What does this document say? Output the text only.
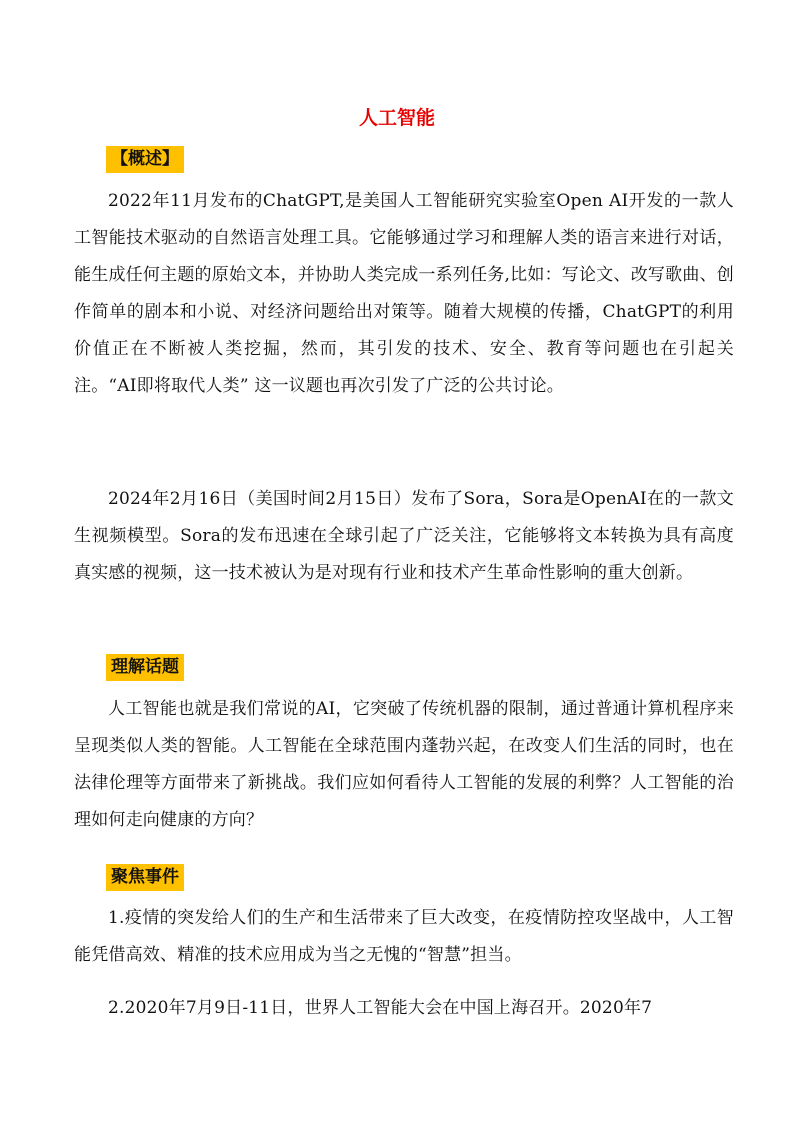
人工智能
【概述】

2022年11月发布的ChatGPT,是美国人工智能研究实验室Open AI开发的一款人工智能技术驱动的自然语言处理工具。它能够通过学习和理解人类的语言来进行对话，能生成任何主题的原始文本，并协助人类完成一系列任务,比如：写论文、改写歌曲、创作简单的剧本和小说、对经济问题给出对策等。随着大规模的传播，ChatGPT的利用价值正在不断被人类挖掘，然而，其引发的技术、安全、教育等问题也在引起关注。“AI即将取代人类” 这一议题也再次引发了广泛的公共讨论。

2024年2月16日（美国时间2月15日）发布了Sora，Sora是OpenAI在的一款文生视频模型。Sora的发布迅速在全球引起了广泛关注，它能够将文本转换为具有高度真实感的视频，这一技术被认为是对现有行业和技术产生革命性影响的重大创新。

理解话题

人工智能也就是我们常说的AI，它突破了传统机器的限制，通过普通计算机程序来呈现类似人类的智能。人工智能在全球范围内蓬勃兴起，在改变人们生活的同时，也在法律伦理等方面带来了新挑战。我们应如何看待人工智能的发展的利弊？人工智能的治理如何走向健康的方向？

聚焦事件

1.疫情的突发给人们的生产和生活带来了巨大改变，在疫情防控攻坚战中，人工智能凭借高效、精准的技术应用成为当之无愧的“智慧”担当。

2.2020年7月9日-11日，世界人工智能大会在中国上海召开。2020年7
